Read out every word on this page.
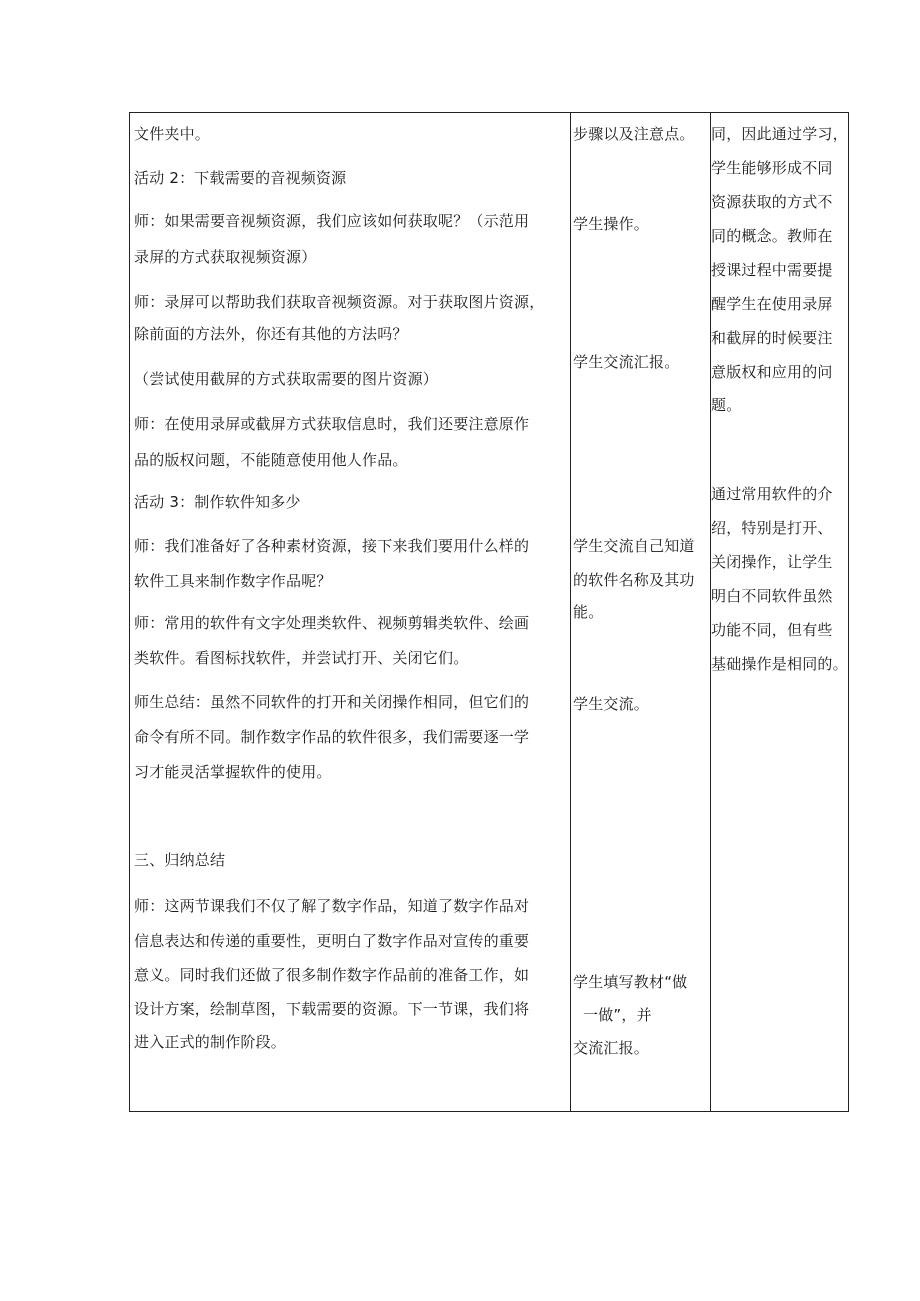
文件夹中。
活动 2：下载需要的音视频资源
师：如果需要音视频资源，我们应该如何获取呢？（示范用
录屏的方式获取视频资源）
师：录屏可以帮助我们获取音视频资源。对于获取图片资源，
除前面的方法外，你还有其他的方法吗？
（尝试使用截屏的方式获取需要的图片资源）
师：在使用录屏或截屏方式获取信息时，我们还要注意原作
品的版权问题，不能随意使用他人作品。
活动 3：制作软件知多少
师：我们准备好了各种素材资源，接下来我们要用什么样的
软件工具来制作数字作品呢？
师：常用的软件有文字处理类软件、视频剪辑类软件、绘画
类软件。看图标找软件，并尝试打开、关闭它们。
师生总结：虽然不同软件的打开和关闭操作相同，但它们的
命令有所不同。制作数字作品的软件很多，我们需要逐一学
习才能灵活掌握软件的使用。
三、归纳总结
师：这两节课我们不仅了解了数字作品，知道了数字作品对
信息表达和传递的重要性，更明白了数字作品对宣传的重要
意义。同时我们还做了很多制作数字作品前的准备工作，如
设计方案，绘制草图，下载需要的资源。下一节课，我们将
进入正式的制作阶段。
步骤以及注意点。
学生操作。
学生交流汇报。
学生交流自己知道
的软件名称及其功
能。
学生交流。
学生填写教材“做
一做”，并
交流汇报。
同，因此通过学习，
学生能够形成不同
资源获取的方式不
同的概念。教师在
授课过程中需要提
醒学生在使用录屏
和截屏的时候要注
意版权和应用的问
题。
通过常用软件的介
绍，特别是打开、
关闭操作，让学生
明白不同软件虽然
功能不同，但有些
基础操作是相同的。
